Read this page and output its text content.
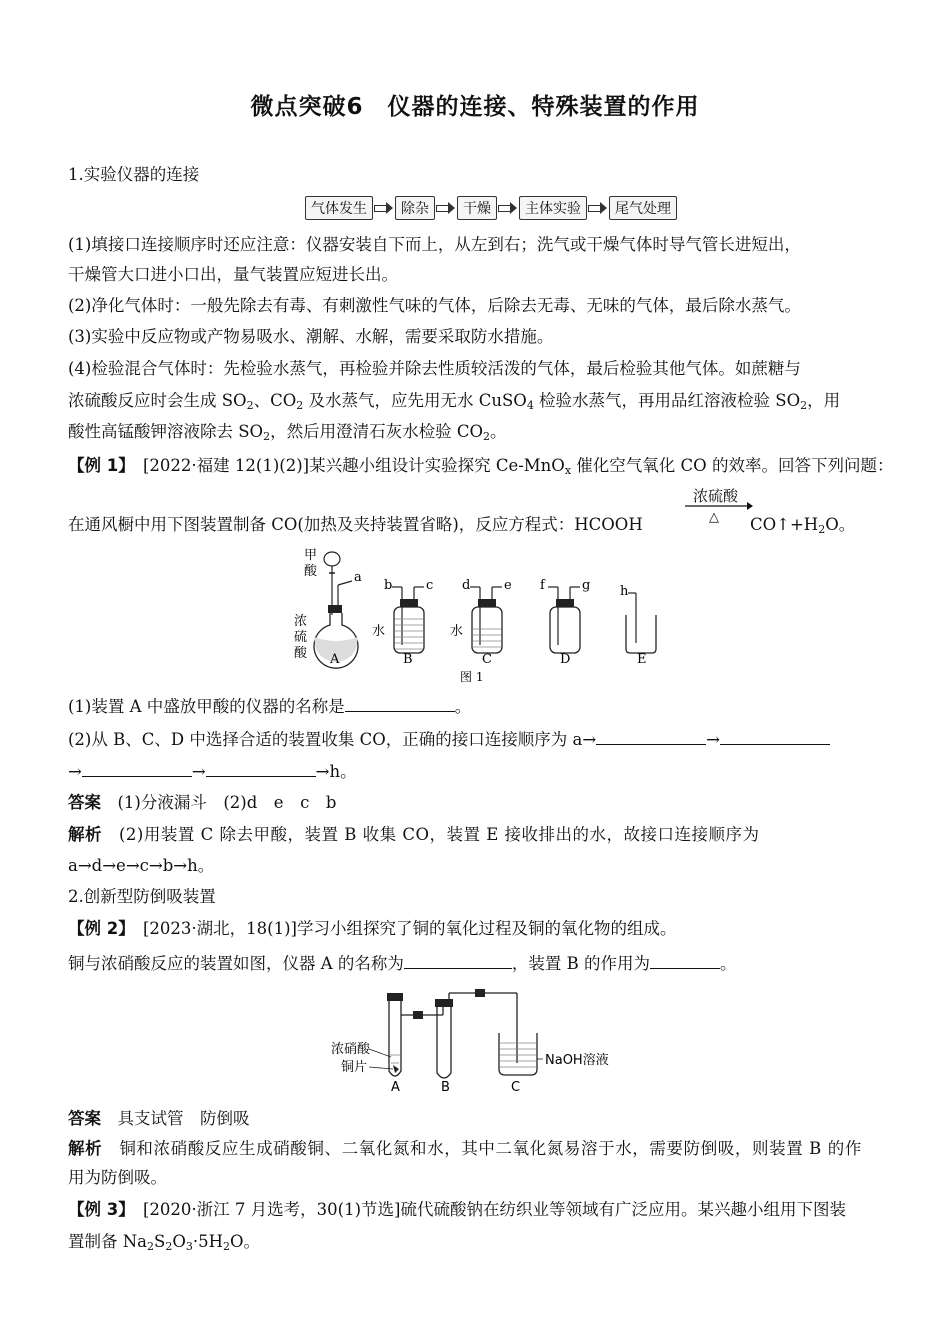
微点突破6　仪器的连接、特殊装置的作用
1.实验仪器的连接
气体发生	除杂	干燥	主体实验	尾气处理
(1)填接口连接顺序时还应注意：仪器安装自下而上，从左到右；洗气或干燥气体时导气管长进短出，
干燥管大口进小口出，量气装置应短进长出。
(2)净化气体时：一般先除去有毒、有刺激性气味的气体，后除去无毒、无味的气体，最后除水蒸气。
(3)实验中反应物或产物易吸水、潮解、水解，需要采取防水措施。
(4)检验混合气体时：先检验水蒸气，再检验并除去性质较活泼的气体，最后检验其他气体。如蔗糖与
浓硫酸反应时会生成 $SO_2$、$CO_2$ 及水蒸气，应先用无水 CuSO$_4$ 检验水蒸气，再用品红溶液检验 $SO_2$，用
酸性高锰酸钾溶液除去 $SO_2$，然后用澄清石灰水检验 $CO_2$。
【例 1】　 [2022·福建 12(1)(2)]某兴趣小组设计实验探究 Ce-MnO$_x$ 催化空气氧化 CO 的效率。回答下列问题：
在通风橱中用下图装置制备 CO(加热及夹持装置省略)，反应方程式：HCOOH
浓硫酸
△ $CO↑+H_2O$。
甲
酸	a
浓
硫
酸 A
b	c
水
B
d	e
水
C
f	g
D
h
E
图 1
(1)装置 A 中盛放甲酸的仪器的名称是	。
(2)从 B、C、D 中选择合适的装置收集 CO，正确的接口连接顺序为 a→	→
→	→	→h。
答案　 (1)分液漏斗　(2)d　e　c　b
解析　 (2)用装置 C 除去甲酸，装置 B 收集 CO，装置 E 接收排出的水，故接口连接顺序为
a→d→e→c→b→h。
2.创新型防倒吸装置
【例 2】　 [2023·湖北，18(1)]学习小组探究了铜的氧化过程及铜的氧化物的组成。
铜与浓硝酸反应的装置如图，仪器 A 的名称为	，装置 B 的作用为	。
浓硝酸
铜片
A	B
NaOH溶液
C
答案　 具支试管　防倒吸
解析　 铜和浓硝酸反应生成硝酸铜、二氧化氮和水，其中二氧化氮易溶于水，需要防倒吸，则装置 B 的作
用为防倒吸。
【例 3】　 [2020·浙江 7 月选考，30(1)节选]硫代硫酸钠在纺织业等领域有广泛应用。某兴趣小组用下图装
置制备 $Na_2S_2O_3\cdot 5H_2O$。
